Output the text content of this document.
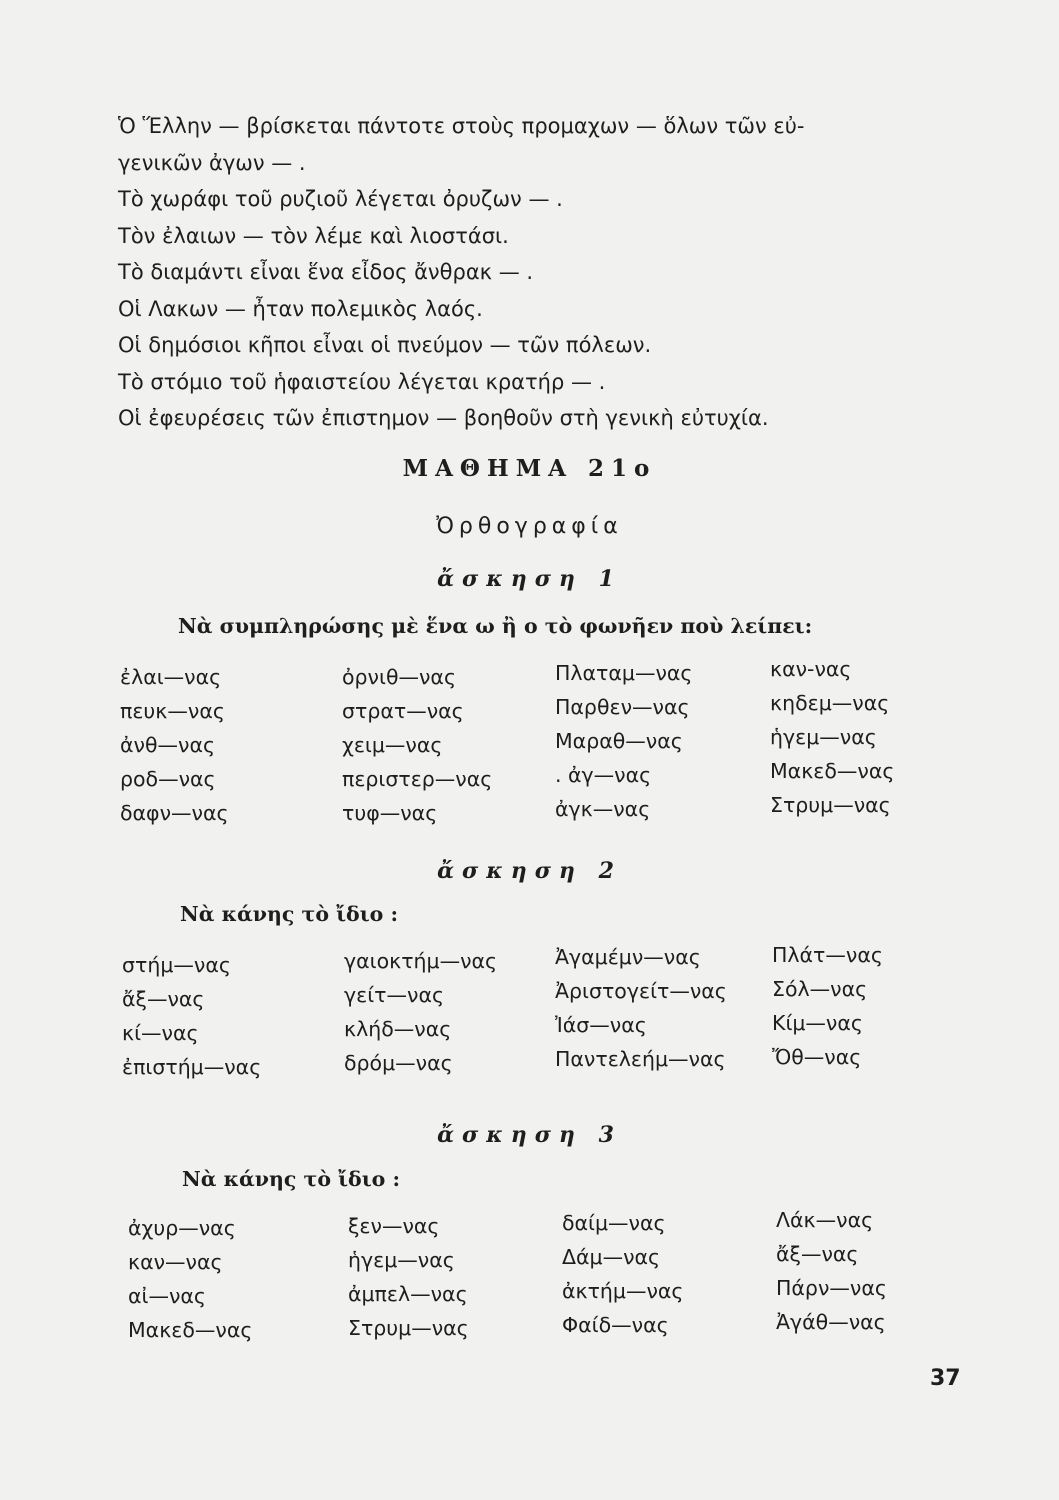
Ὁ Ἕλλην — βρίσκεται πάντοτε στοὺς προμαχων — ὅλων τῶν εὐ-
γενικῶν ἀγων — .
Τὸ χωράφι τοῦ ρυζιοῦ λέγεται ὀρυζων — .
Τὸν ἐλαιων — τὸν λέμε καὶ λιοστάσι.
Τὸ διαμάντι εἶναι ἕνα εἶδος ἄνθρακ — .
Οἱ Λακων — ἦταν πολεμικὸς λαός.
Οἱ δημόσιοι κῆποι εἶναι οἱ πνεύμον — τῶν πόλεων.
Τὸ στόμιο τοῦ ἡφαιστείου λέγεται κρατήρ — .
Οἱ ἐφευρέσεις τῶν ἐπιστημον — βοηθοῦν στὴ γενικὴ εὐτυχία.
ΜΑΘΗΜΑ 21ο
Ὀρθογραφία
ἄσκηση 1
Νὰ συμπληρώσης μὲ ἕνα ω ἢ ο τὸ φωνῆεν ποὺ λείπει:
ἐλαι—νας
πευκ—νας
ἀνθ—νας
ροδ—νας
δαφν—νας
ὀρνιθ—νας
στρατ—νας
χειμ—νας
περιστερ—νας
τυφ—νας
Πλαταμ—νας
Παρθεν—νας
Μαραθ—νας
. ἀγ—νας
ἀγκ—νας
καν-νας
κηδεμ—νας
ἡγεμ—νας
Μακεδ—νας
Στρυμ—νας
ἄσκηση 2
Νὰ κάνης τὸ ἴδιο :
στήμ—νας
ἄξ—νας
κί—νας
ἐπιστήμ—νας
γαιοκτήμ—νας
γείτ—νας
κλήδ—νας
δρόμ—νας
Ἀγαμέμν—νας
Ἀριστογείτ—νας
Ἰάσ—νας
Παντελεήμ—νας
Πλάτ—νας
Σόλ—νας
Κίμ—νας
Ὄθ—νας
ἄσκηση 3
Νὰ κάνης τὸ ἴδιο :
ἀχυρ—νας
καν—νας
αἰ—νας
Μακεδ—νας
ξεν—νας
ἡγεμ—νας
ἀμπελ—νας
Στρυμ—νας
δαίμ—νας
Δάμ—νας
ἀκτήμ—νας
Φαίδ—νας
Λάκ—νας
ἄξ—νας
Πάρν—νας
Ἀγάθ—νας
37
